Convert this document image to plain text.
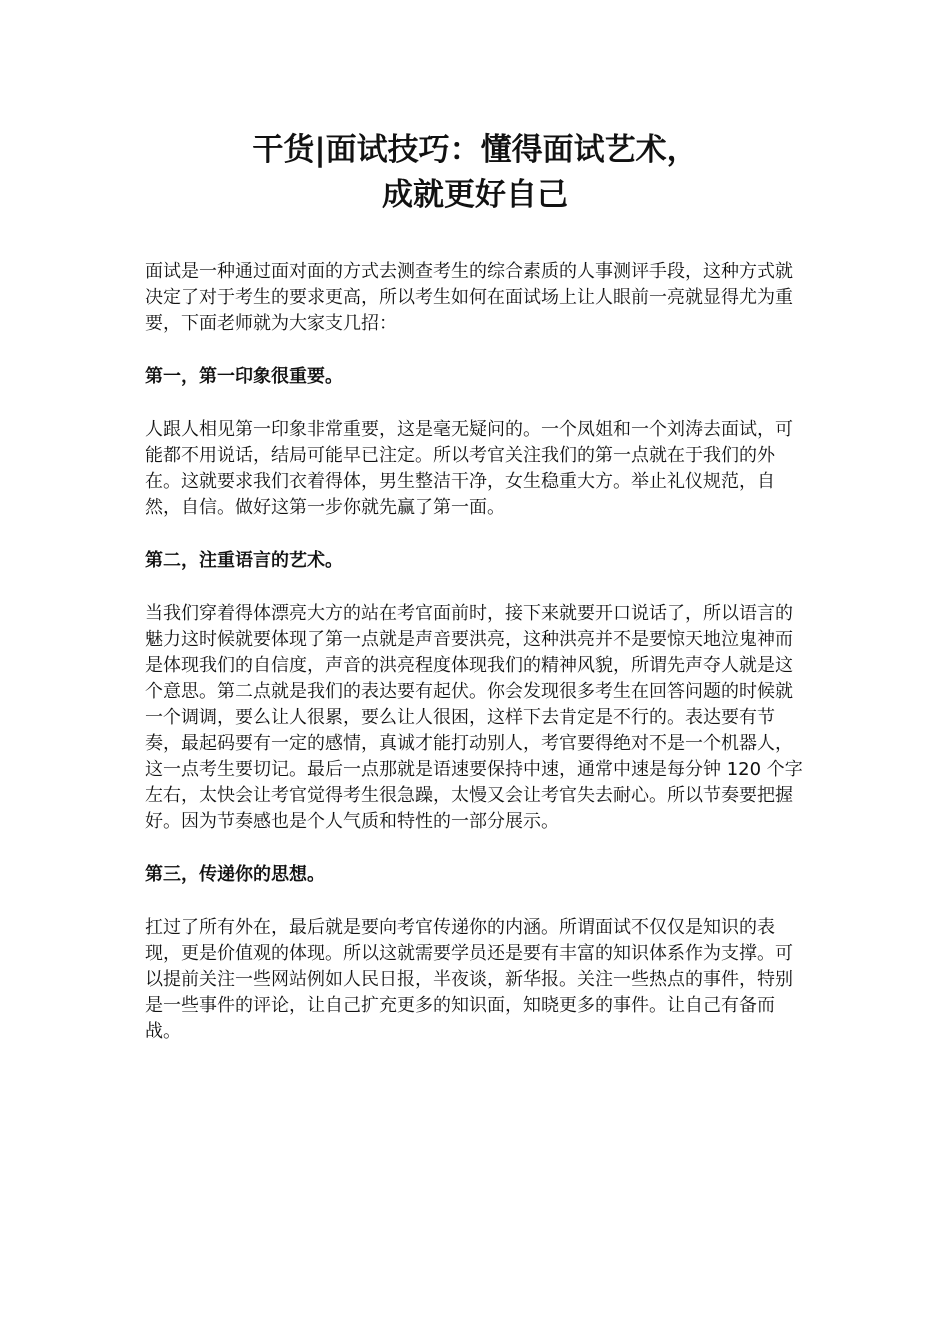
干货|面试技巧：懂得面试艺术，
成就更好自己

面试是一种通过面对面的方式去测查考生的综合素质的人事测评手段，这种方式就决定了对于考生的要求更高，所以考生如何在面试场上让人眼前一亮就显得尤为重要，下面老师就为大家支几招：

第一，第一印象很重要。

人跟人相见第一印象非常重要，这是毫无疑问的。一个凤姐和一个刘涛去面试，可能都不用说话，结局可能早已注定。所以考官关注我们的第一点就在于我们的外在。这就要求我们衣着得体，男生整洁干净，女生稳重大方。举止礼仪规范，自然，自信。做好这第一步你就先赢了第一面。

第二，注重语言的艺术。

当我们穿着得体漂亮大方的站在考官面前时，接下来就要开口说话了，所以语言的魅力这时候就要体现了第一点就是声音要洪亮，这种洪亮并不是要惊天地泣鬼神而是体现我们的自信度，声音的洪亮程度体现我们的精神风貌，所谓先声夺人就是这个意思。第二点就是我们的表达要有起伏。你会发现很多考生在回答问题的时候就一个调调，要么让人很累，要么让人很困，这样下去肯定是不行的。表达要有节奏，最起码要有一定的感情，真诚才能打动别人，考官要得绝对不是一个机器人，这一点考生要切记。最后一点那就是语速要保持中速，通常中速是每分钟 120 个字左右，太快会让考官觉得考生很急躁，太慢又会让考官失去耐心。所以节奏要把握好。因为节奏感也是个人气质和特性的一部分展示。

第三，传递你的思想。

扛过了所有外在，最后就是要向考官传递你的内涵。所谓面试不仅仅是知识的表现，更是价值观的体现。所以这就需要学员还是要有丰富的知识体系作为支撑。可以提前关注一些网站例如人民日报，半夜谈，新华报。关注一些热点的事件，特别是一些事件的评论，让自己扩充更多的知识面，知晓更多的事件。让自己有备而战。
